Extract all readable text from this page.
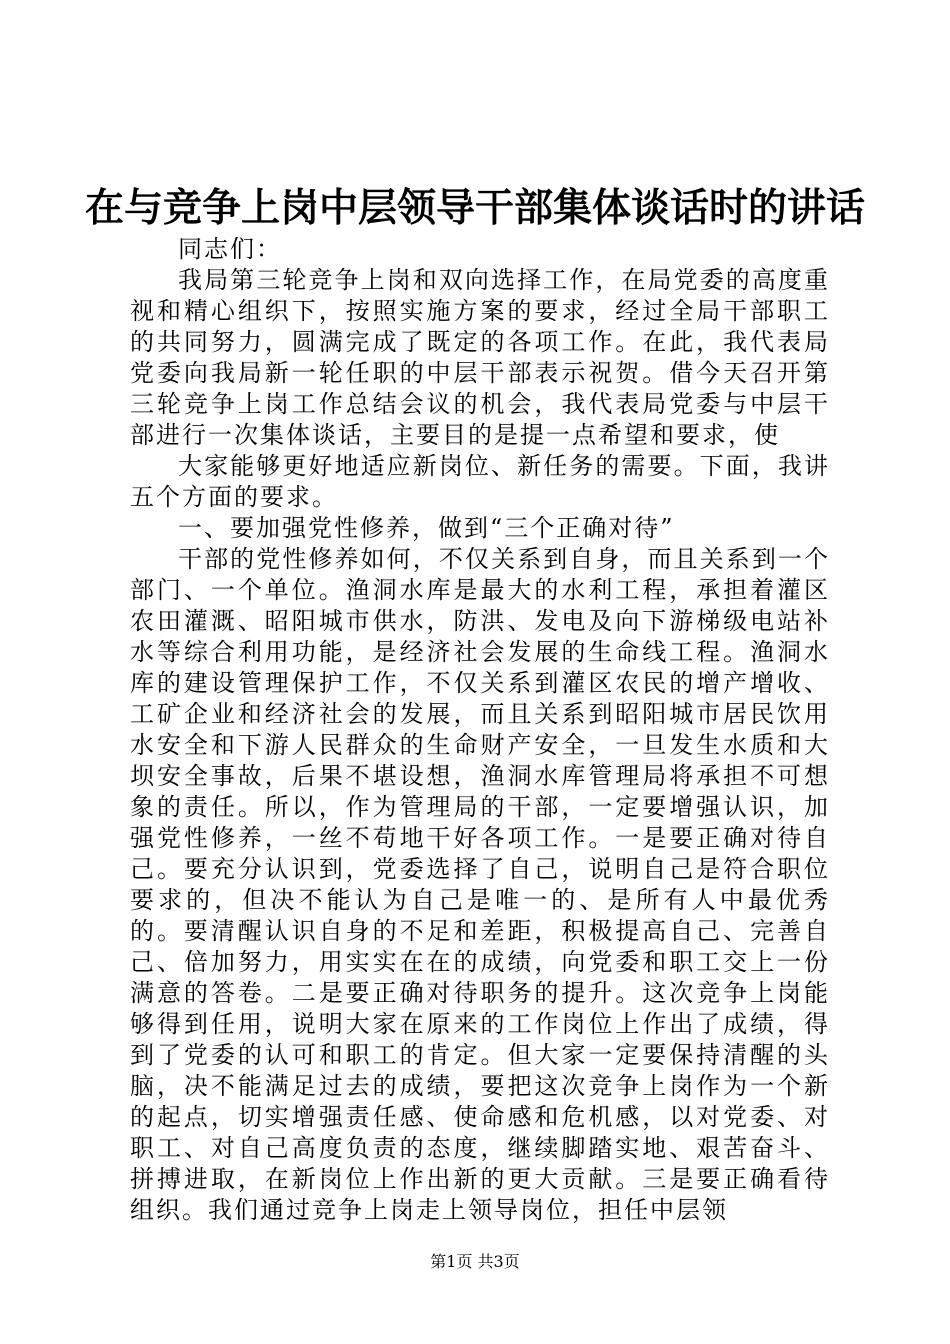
在与竞争上岗中层领导干部集体谈话时的讲话

同志们：

我局第三轮竞争上岗和双向选择工作，在局党委的高度重视和精心组织下，按照实施方案的要求，经过全局干部职工的共同努力，圆满完成了既定的各项工作。在此，我代表局党委向我局新一轮任职的中层干部表示祝贺。借今天召开第三轮竞争上岗工作总结会议的机会，我代表局党委与中层干部进行一次集体谈话，主要目的是提一点希望和要求，使

大家能够更好地适应新岗位、新任务的需要。下面，我讲五个方面的要求。

一、要加强党性修养，做到“三个正确对待”

干部的党性修养如何，不仅关系到自身，而且关系到一个部门、一个单位。渔洞水库是最大的水利工程，承担着灌区农田灌溉、昭阳城市供水，防洪、发电及向下游梯级电站补水等综合利用功能，是经济社会发展的生命线工程。渔洞水库的建设管理保护工作，不仅关系到灌区农民的增产增收、工矿企业和经济社会的发展，而且关系到昭阳城市居民饮用水安全和下游人民群众的生命财产安全，一旦发生水质和大坝安全事故，后果不堪设想，渔洞水库管理局将承担不可想象的责任。所以，作为管理局的干部，一定要增强认识，加强党性修养，一丝不苟地干好各项工作。一是要正确对待自己。要充分认识到，党委选择了自己，说明自己是符合职位要求的，但决不能认为自己是唯一的、是所有人中最优秀的。要清醒认识自身的不足和差距，积极提高自己、完善自己、倍加努力，用实实在在的成绩，向党委和职工交上一份满意的答卷。二是要正确对待职务的提升。这次竞争上岗能够得到任用，说明大家在原来的工作岗位上作出了成绩，得到了党委的认可和职工的肯定。但大家一定要保持清醒的头脑，决不能满足过去的成绩，要把这次竞争上岗作为一个新的起点，切实增强责任感、使命感和危机感，以对党委、对职工、对自己高度负责的态度，继续脚踏实地、艰苦奋斗、拼搏进取，在新岗位上作出新的更大贡献。三是要正确看待组织。我们通过竞争上岗走上领导岗位，担任中层领

第1页 共3页
